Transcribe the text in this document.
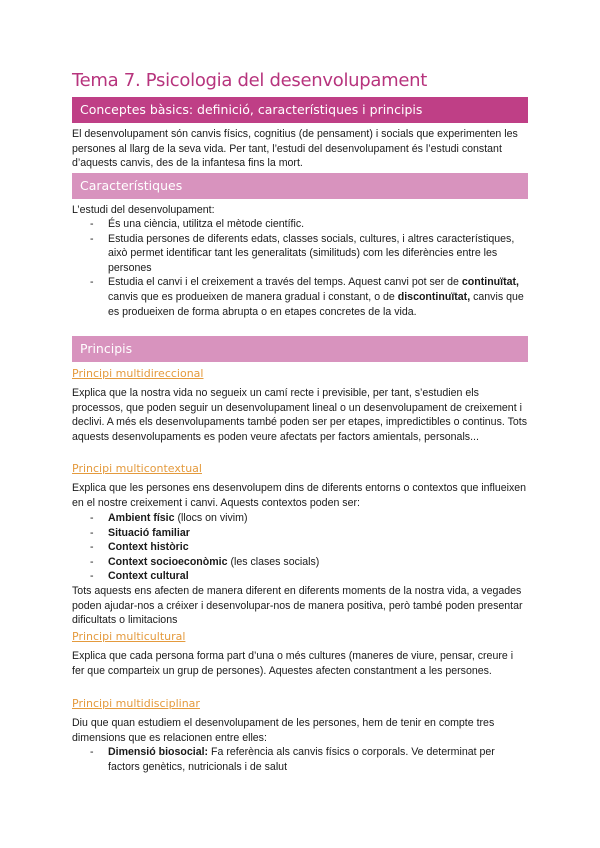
Tema 7. Psicologia del desenvolupament
Conceptes bàsics: definició, característiques i principis

El desenvolupament són canvis físics, cognitius (de pensament) i socials que experimenten les persones al llarg de la seva vida. Per tant, l’estudi del desenvolupament és l’estudi constant d’aquests canvis, des de la infantesa fins la mort.

Característiques

L’estudi del desenvolupament:

- És una ciència, utilitza el mètode científic.
- Estudia persones de diferents edats, classes socials, cultures, i altres característiques, això permet identificar tant les generalitats (similituds) com les diferències entre les persones
- Estudia el canvi i el creixement a través del temps. Aquest canvi pot ser de continuïtat, canvis que es produeixen de manera gradual i constant, o de discontinuïtat, canvis que es produeixen de forma abrupta o en etapes concretes de la vida.
Principis
Principi multidireccional

Explica que la nostra vida no segueix un camí recte i previsible, per tant, s’estudien els processos, que poden seguir un desenvolupament lineal o un desenvolupament de creixement i declivi. A més els desenvolupaments també poden ser per etapes, impredictibles o continus. Tots aquests desenvolupaments es poden veure afectats per factors amientals, personals...

Principi multicontextual

Explica que les persones ens desenvolupem dins de diferents entorns o contextos que influeixen en el nostre creixement i canvi. Aquests contextos poden ser:

- Ambient físic (llocs on vivim)
- Situació familiar
- Context històric
- Context socioeconòmic (les clases socials)
- Context cultural

Tots aquests ens afecten de manera diferent en diferents moments de la nostra vida, a vegades poden ajudar-nos a créixer i desenvolupar-nos de manera positiva, però també poden presentar dificultats o limitacions

Principi multicultural

Explica que cada persona forma part d’una o més cultures (maneres de viure, pensar, creure i fer que comparteix un grup de persones). Aquestes afecten constantment a les persones.

Principi multidisciplinar

Diu que quan estudiem el desenvolupament de les persones, hem de tenir en compte tres dimensions que es relacionen entre elles:

- Dimensió biosocial: Fa referència als canvis físics o corporals. Ve determinat per factors genètics, nutricionals i de salut
